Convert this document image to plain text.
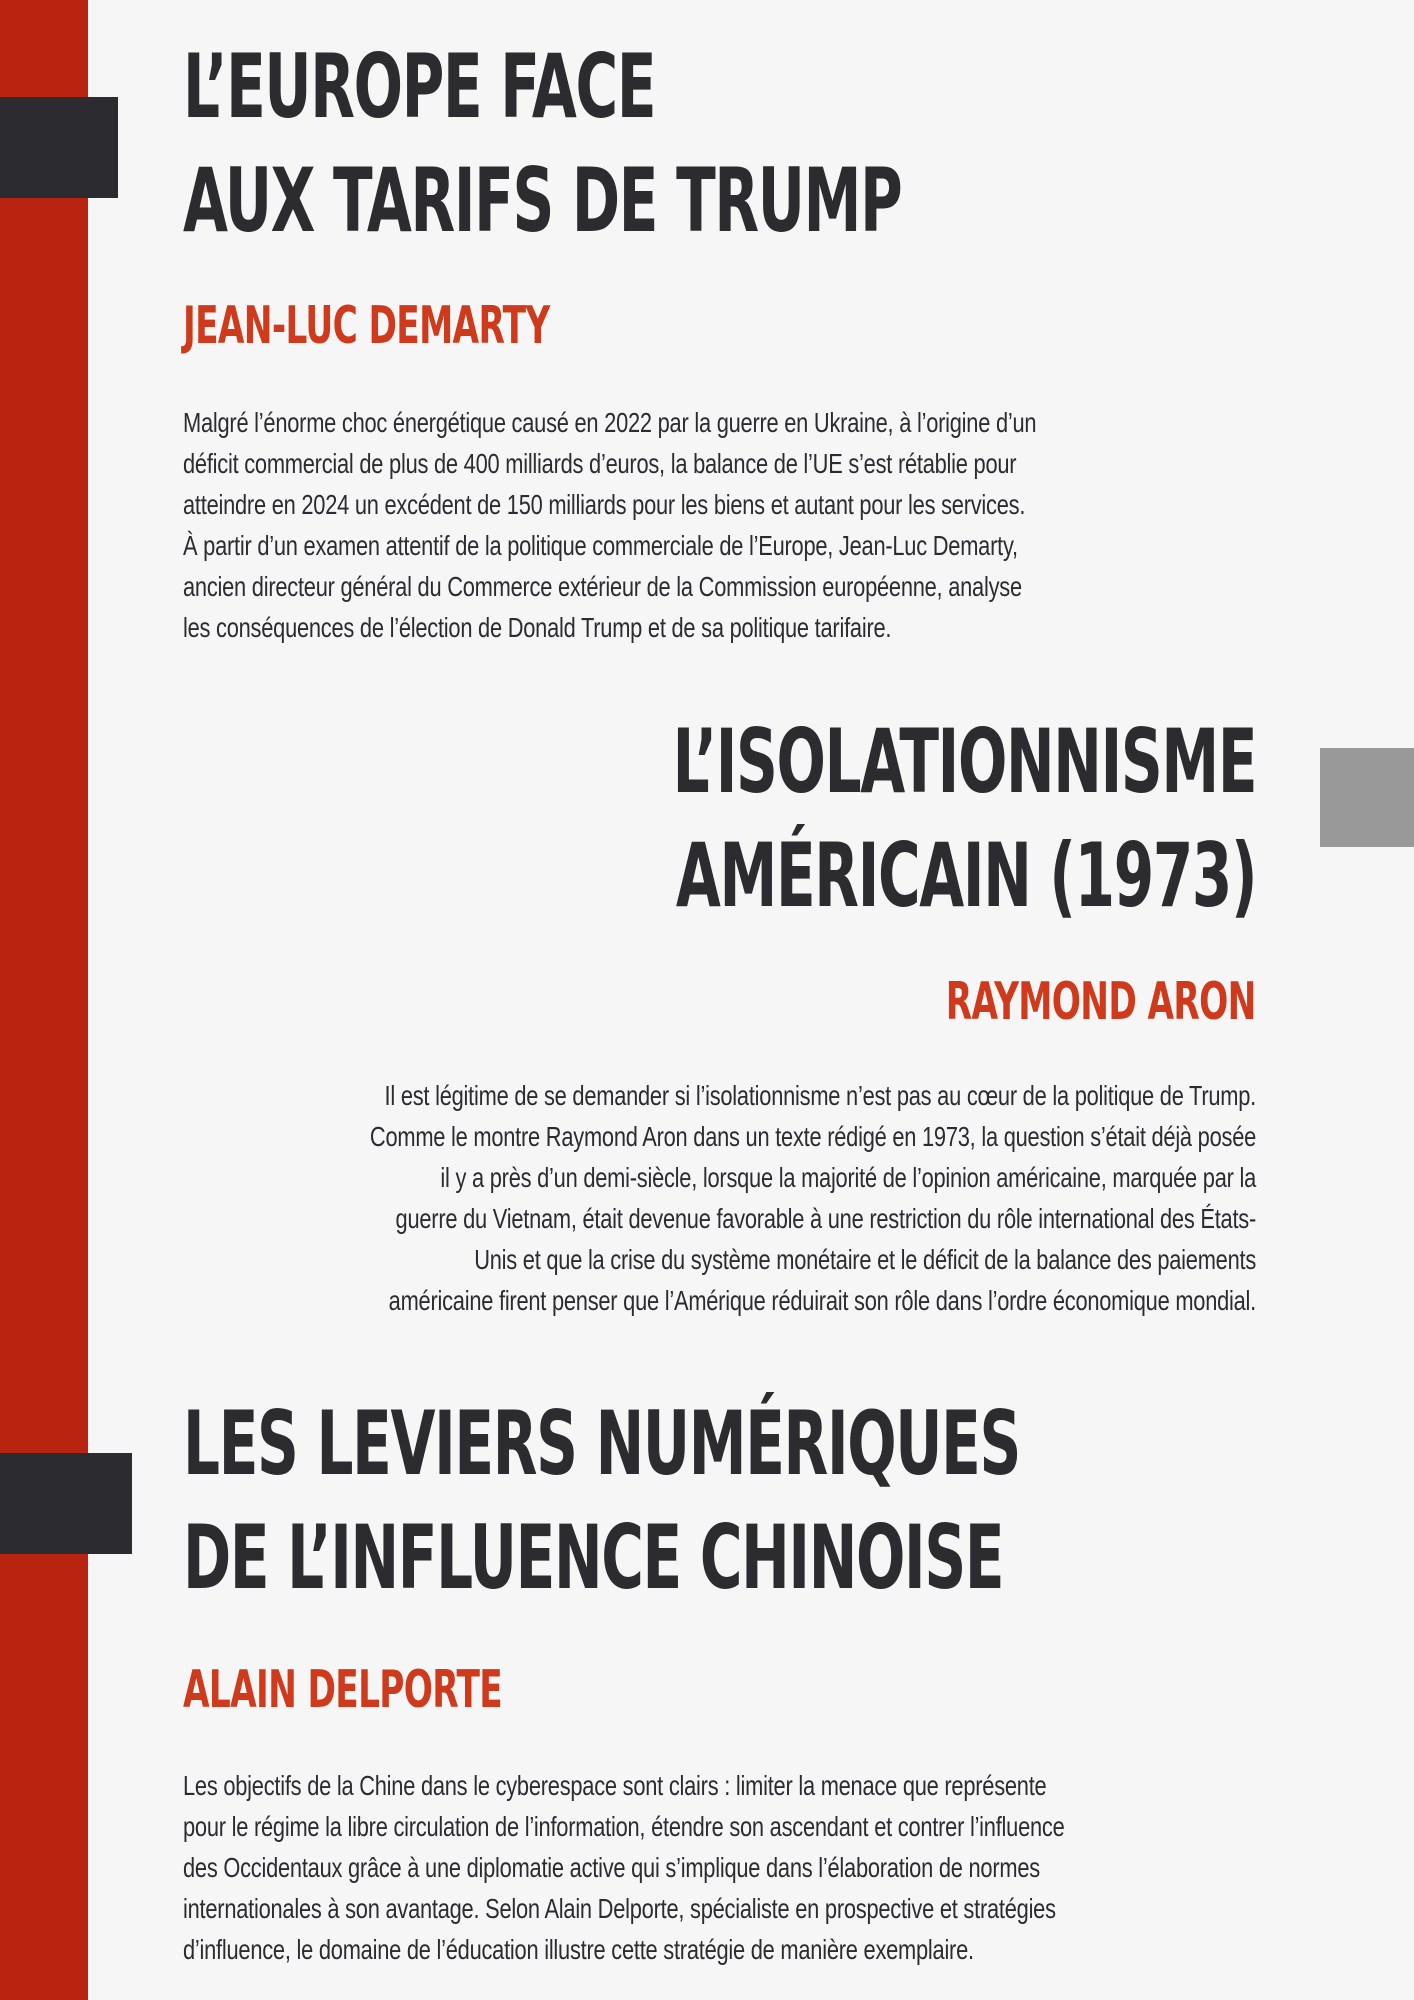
L’EUROPE FACE
AUX TARIFS DE TRUMP
JEAN-LUC DEMARTY

Malgré l’énorme choc énergétique causé en 2022 par la guerre en Ukraine, à l’origine d’un
déficit commercial de plus de 400 milliards d’euros, la balance de l’UE s’est rétablie pour
atteindre en 2024 un excédent de 150 milliards pour les biens et autant pour les services.
À partir d’un examen attentif de la politique commerciale de l’Europe, Jean-Luc Demarty,
ancien directeur général du Commerce extérieur de la Commission européenne, analyse
les conséquences de l’élection de Donald Trump et de sa politique tarifaire.

L’ISOLATIONNISME
AMÉRICAIN (1973)
RAYMOND ARON

Il est légitime de se demander si l’isolationnisme n’est pas au cœur de la politique de Trump.
Comme le montre Raymond Aron dans un texte rédigé en 1973, la question s’était déjà posée
il y a près d’un demi-siècle, lorsque la majorité de l’opinion américaine, marquée par la
guerre du Vietnam, était devenue favorable à une restriction du rôle international des États-
Unis et que la crise du système monétaire et le déficit de la balance des paiements
américaine firent penser que l’Amérique réduirait son rôle dans l’ordre économique mondial.

LES LEVIERS NUMÉRIQUES
DE L’INFLUENCE CHINOISE
ALAIN DELPORTE

Les objectifs de la Chine dans le cyberespace sont clairs : limiter la menace que représente
pour le régime la libre circulation de l’information, étendre son ascendant et contrer l’influence
des Occidentaux grâce à une diplomatie active qui s’implique dans l’élaboration de normes
internationales à son avantage. Selon Alain Delporte, spécialiste en prospective et stratégies
d’influence, le domaine de l’éducation illustre cette stratégie de manière exemplaire.
